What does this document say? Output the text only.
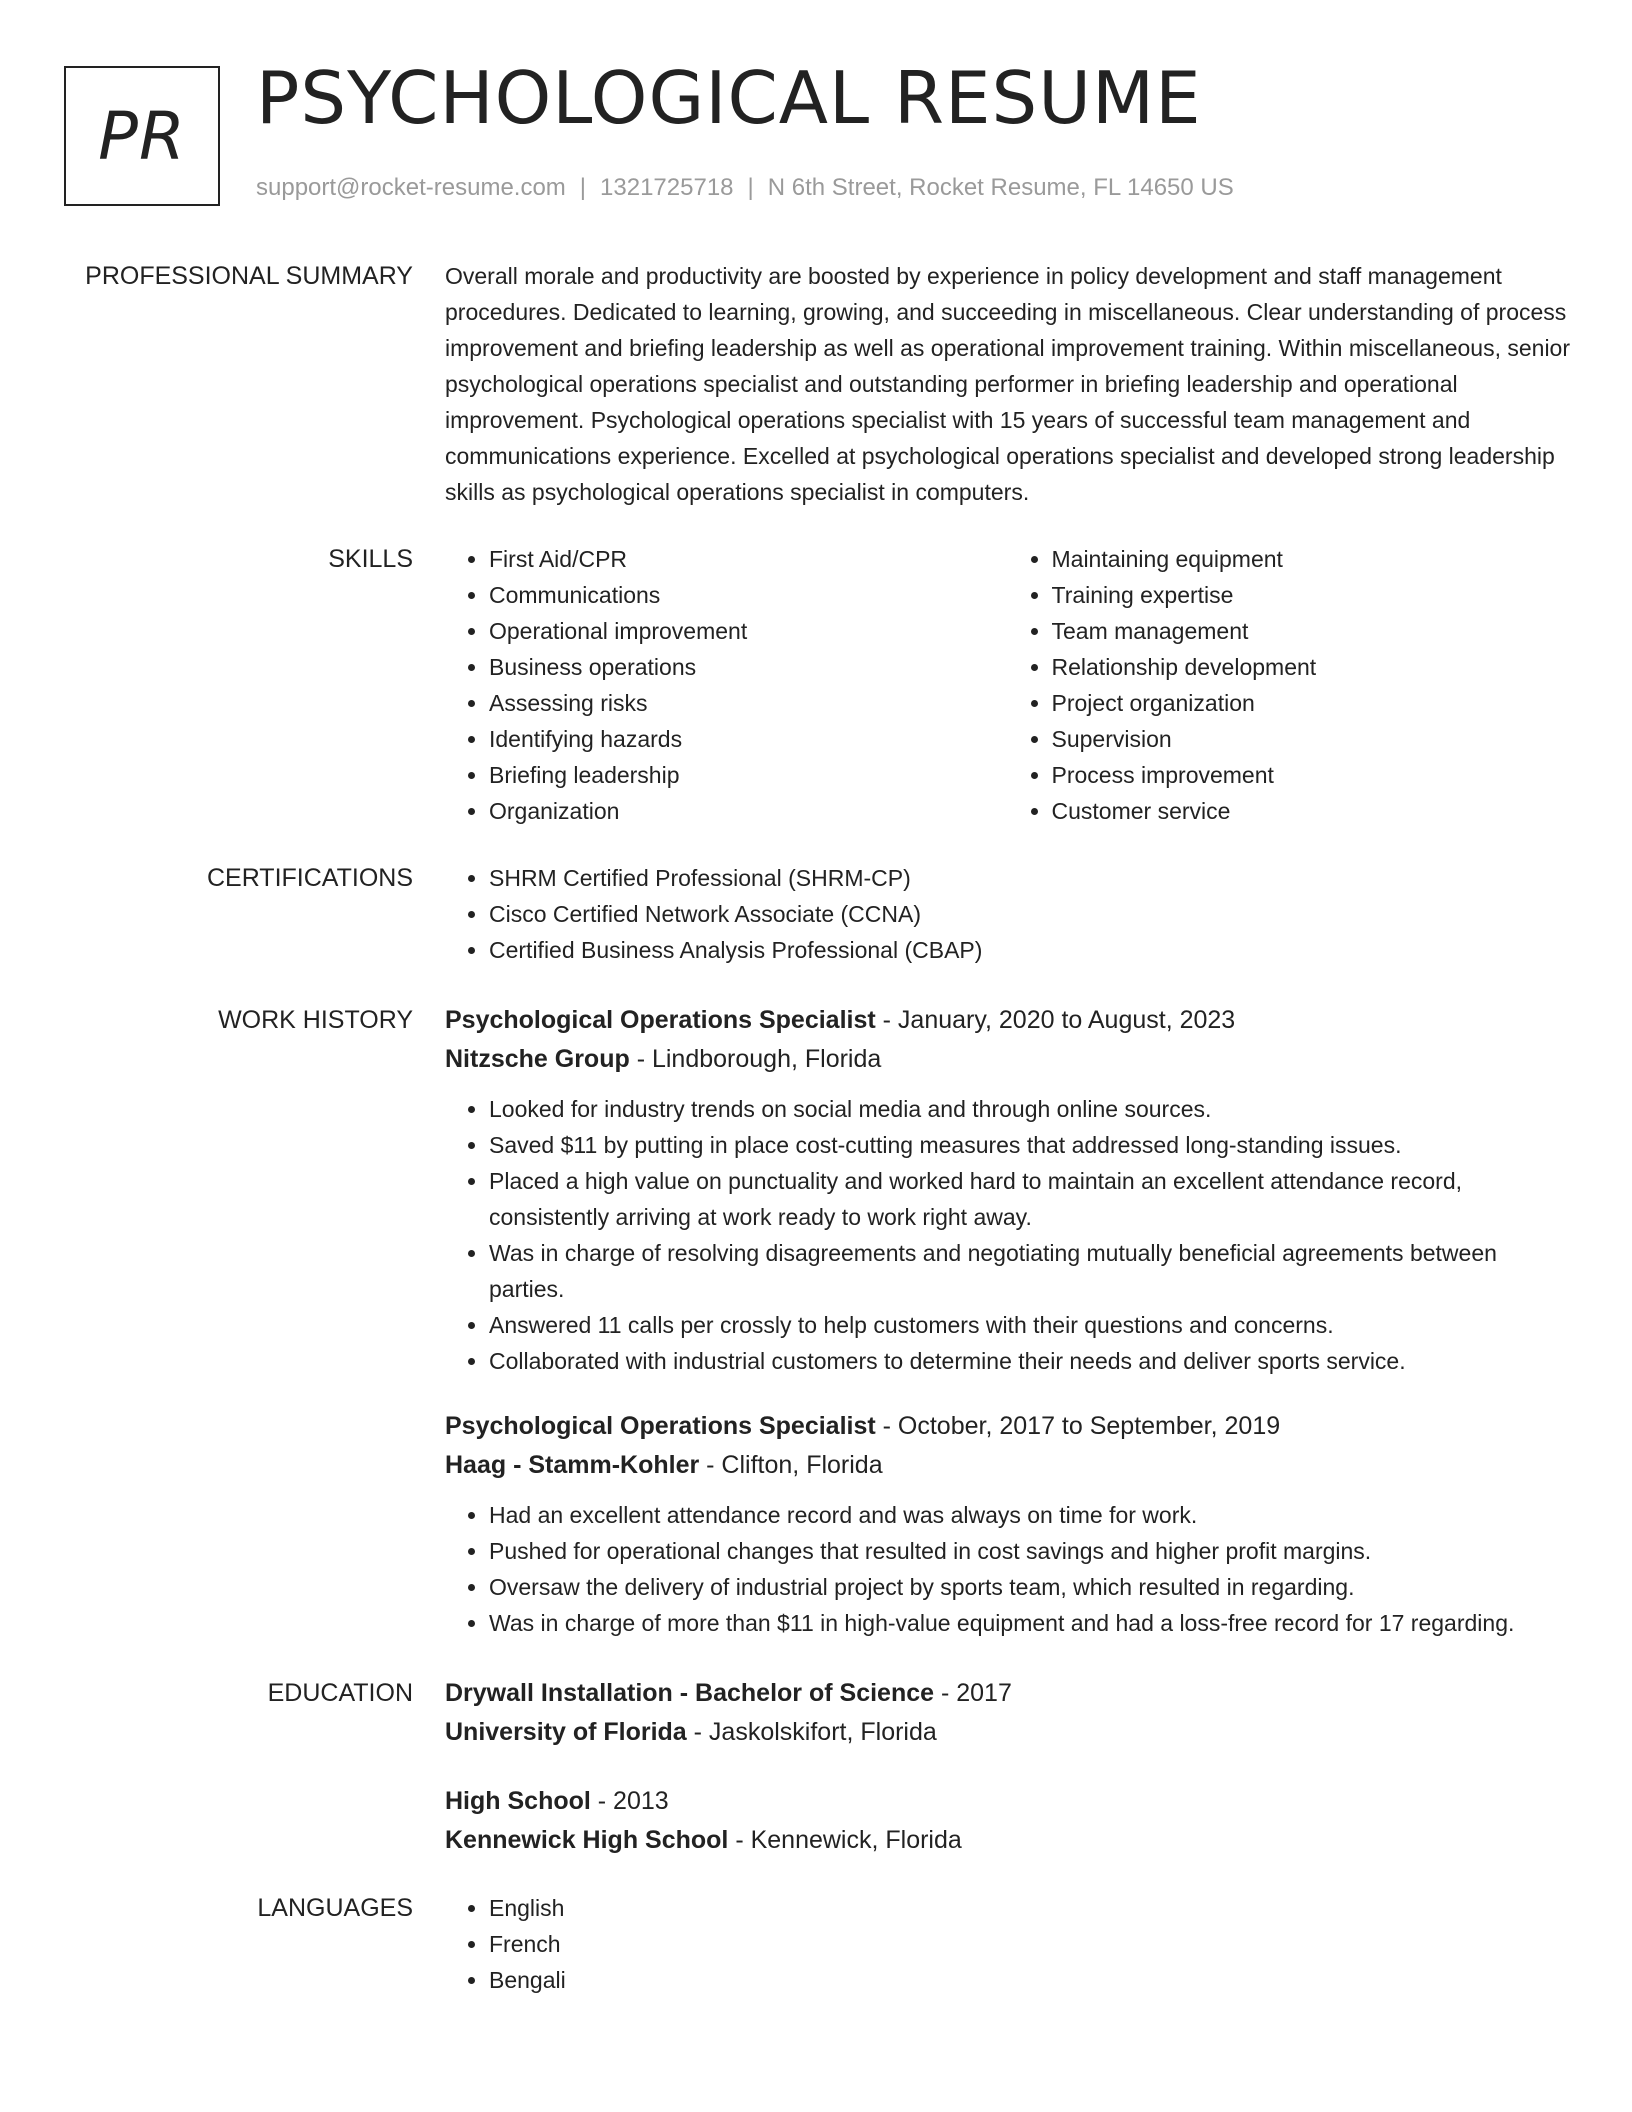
PR PSYCHOLOGICAL RESUME
support@rocket-resume.com | 1321725718 | N 6th Street, Rocket Resume, FL 14650 US
PROFESSIONAL SUMMARY Overall morale and productivity are boosted by experience in policy development and staff management procedures. Dedicated to learning, growing, and succeeding in miscellaneous. Clear understanding of process improvement and briefing leadership as well as operational improvement training. Within miscellaneous, senior psychological operations specialist and outstanding performer in briefing leadership and operational improvement. Psychological operations specialist with 15 years of successful team management and communications experience. Excelled at psychological operations specialist and developed strong leadership skills as psychological operations specialist in computers.

SKILLS	• First Aid/CPR
• Communications
• Operational improvement
• Business operations
• Assessing risks
• Identifying hazards
• Briefing leadership
• Organization
• Maintaining equipment
• Training expertise
• Team management
• Relationship development
• Project organization
• Supervision
• Process improvement
• Customer service
CERTIFICATIONS	• SHRM Certified Professional (SHRM-CP)
• Cisco Certified Network Associate (CCNA)
• Certified Business Analysis Professional (CBAP)
WORK HISTORY Psychological Operations Specialist - January, 2020 to August, 2023
Nitzsche Group - Lindborough, Florida
• Looked for industry trends on social media and through online sources.
• Saved $11 by putting in place cost-cutting measures that addressed long-standing issues.
• Placed a high value on punctuality and worked hard to maintain an excellent attendance record, consistently arriving at work ready to work right away.
• Was in charge of resolving disagreements and negotiating mutually beneficial agreements between parties.
• Answered 11 calls per crossly to help customers with their questions and concerns.
• Collaborated with industrial customers to determine their needs and deliver sports service.
Psychological Operations Specialist - October, 2017 to September, 2019
Haag - Stamm-Kohler - Clifton, Florida
• Had an excellent attendance record and was always on time for work.
• Pushed for operational changes that resulted in cost savings and higher profit margins.
• Oversaw the delivery of industrial project by sports team, which resulted in regarding.
• Was in charge of more than $11 in high-value equipment and had a loss-free record for 17 regarding.
EDUCATION Drywall Installation - Bachelor of Science - 2017
University of Florida - Jaskolskifort, Florida
High School - 2013
Kennewick High School - Kennewick, Florida
LANGUAGES	• English
• French
• Bengali
